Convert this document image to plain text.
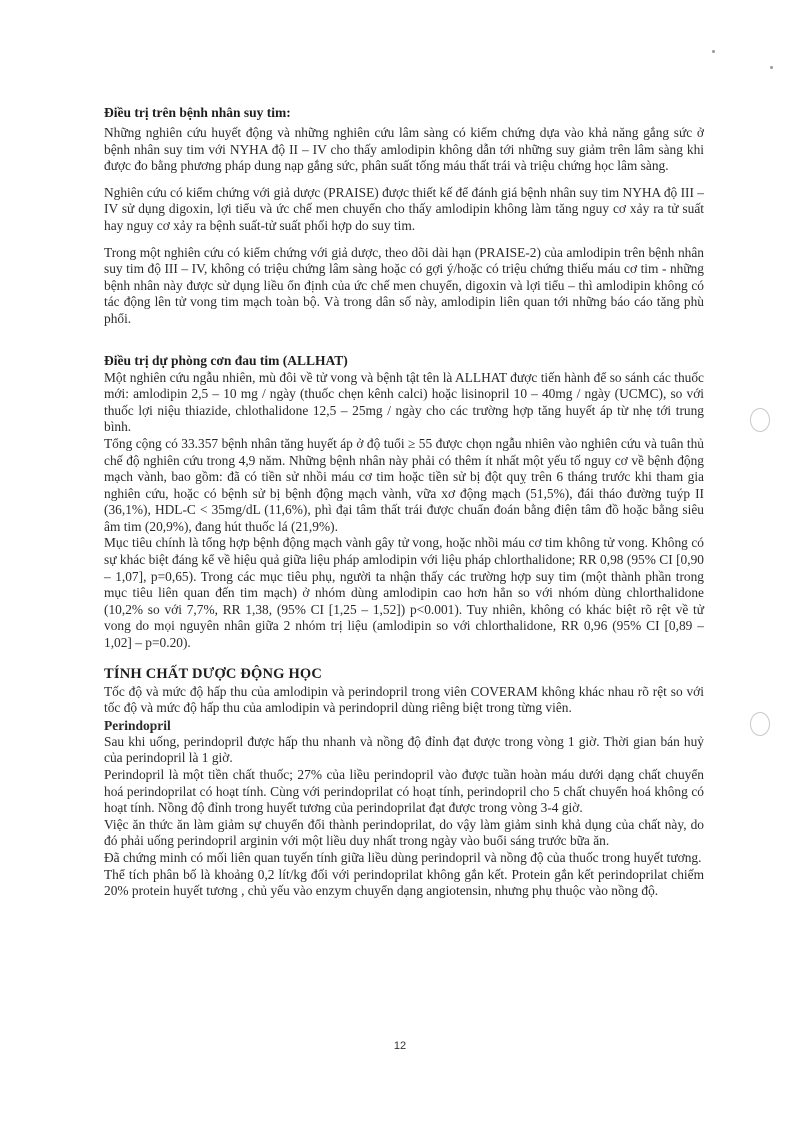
Điều trị trên bệnh nhân suy tim:

Những nghiên cứu huyết động và những nghiên cứu lâm sàng có kiểm chứng dựa vào khả năng gắng sức ở bệnh nhân suy tim với NYHA độ II – IV cho thấy amlodipin không dẫn tới những suy giảm trên lâm sàng khi được đo bằng phương pháp dung nạp gắng sức, phân suất tống máu thất trái và triệu chứng học lâm sàng.

Nghiên cứu có kiểm chứng với giả dược (PRAISE) được thiết kế để đánh giá bệnh nhân suy tim NYHA độ III – IV sử dụng digoxin, lợi tiểu và ức chế men chuyển cho thấy amlodipin không làm tăng nguy cơ xảy ra tử suất hay nguy cơ xảy ra bệnh suất-tử suất phối hợp do suy tim.

Trong một nghiên cứu có kiểm chứng với giả dược, theo dõi dài hạn (PRAISE-2) của amlodipin trên bệnh nhân suy tim độ III – IV, không có triệu chứng lâm sàng hoặc có gợi ý/hoặc có triệu chứng thiếu máu cơ tim - những bệnh nhân này được sử dụng liều ổn định của ức chế men chuyển, digoxin và lợi tiểu – thì amlodipin không có tác động lên tử vong tim mạch toàn bộ. Và trong dân số này, amlodipin liên quan tới những báo cáo tăng phù phổi.

Điều trị dự phòng cơn đau tim (ALLHAT)

Một nghiên cứu ngẫu nhiên, mù đôi về tử vong và bệnh tật tên là ALLHAT được tiến hành để so sánh các thuốc mới: amlodipin 2,5 – 10 mg / ngày (thuốc chẹn kênh calci) hoặc lisinopril 10 – 40mg / ngày (UCMC), so với thuốc lợi niệu thiazide, chlothalidone 12,5 – 25mg / ngày cho các trường hợp tăng huyết áp từ nhẹ tới trung bình.

Tổng cộng có 33.357 bệnh nhân tăng huyết áp ở độ tuổi ≥ 55 được chọn ngẫu nhiên vào nghiên cứu và tuân thủ chế độ nghiên cứu trong 4,9 năm. Những bệnh nhân này phải có thêm ít nhất một yếu tố nguy cơ về bệnh động mạch vành, bao gồm: đã có tiền sử nhồi máu cơ tim hoặc tiền sử bị đột quỵ trên 6 tháng trước khi tham gia nghiên cứu, hoặc có bệnh sử bị bệnh động mạch vành, vữa xơ động mạch (51,5%), đái tháo đường tuýp II (36,1%), HDL-C < 35mg/dL (11,6%), phì đại tâm thất trái được chuẩn đoán bằng điện tâm đồ hoặc bằng siêu âm tim (20,9%), đang hút thuốc lá (21,9%).

Mục tiêu chính là tổng hợp bệnh động mạch vành gây tử vong, hoặc nhồi máu cơ tim không tử vong. Không có sự khác biệt đáng kể về hiệu quả giữa liệu pháp amlodipin với liệu pháp chlorthalidone; RR 0,98 (95% CI [0,90 – 1,07], p=0,65). Trong các mục tiêu phụ, người ta nhận thấy các trường hợp suy tim (một thành phần trong mục tiêu liên quan đến tim mạch) ở nhóm dùng amlodipin cao hơn hẳn so với nhóm dùng chlorthalidone (10,2% so với 7,7%, RR 1,38, (95% CI [1,25 – 1,52]) p<0.001). Tuy nhiên, không có khác biệt rõ rệt về tử vong do mọi nguyên nhân giữa 2 nhóm trị liệu (amlodipin so với chlorthalidone, RR 0,96 (95% CI [0,89 – 1,02] – p=0.20).

TÍNH CHẤT DƯỢC ĐỘNG HỌC

Tốc độ và mức độ hấp thu của amlodipin và perindopril trong viên COVERAM không khác nhau rõ rệt so với tốc độ và mức độ hấp thu của amlodipin và perindopril dùng riêng biệt trong từng viên.

Perindopril

Sau khi uống, perindopril được hấp thu nhanh và nồng độ đỉnh đạt được trong vòng 1 giờ. Thời gian bán huỷ của perindopril là 1 giờ.

Perindopril là một tiền chất thuốc; 27% của liều perindopril vào được tuần hoàn máu dưới dạng chất chuyển hoá perindoprilat có hoạt tính. Cùng với perindoprilat có hoạt tính, perindopril cho 5 chất chuyển hoá không có hoạt tính. Nồng độ đỉnh trong huyết tương của perindoprilat đạt được trong vòng 3-4 giờ.

Việc ăn thức ăn làm giảm sự chuyển đổi thành perindoprilat, do vậy làm giảm sinh khả dụng của chất này, do đó phải uống perindopril arginin với một liều duy nhất trong ngày vào buổi sáng trước bữa ăn.

Đã chứng minh có mối liên quan tuyến tính giữa liều dùng perindopril và nồng độ của thuốc trong huyết tương.

Thể tích phân bố là khoảng 0,2 lít/kg đối với perindoprilat không gắn kết. Protein gắn kết perindoprilat chiếm 20% protein huyết tương , chủ yếu vào enzym chuyển dạng angiotensin, nhưng phụ thuộc vào nồng độ.

12
